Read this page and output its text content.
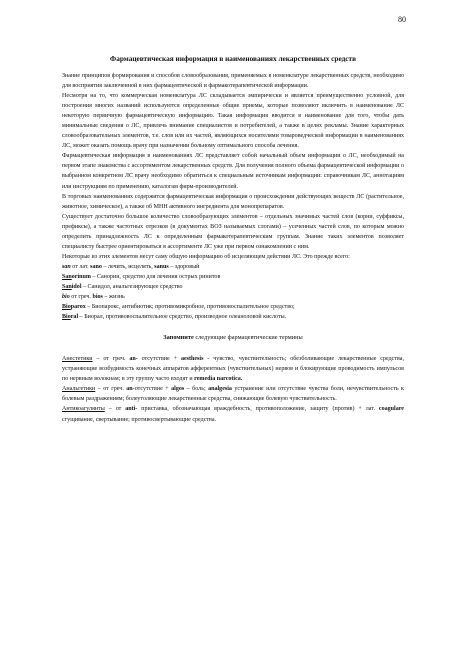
80
Фармацевтическая информация в наименованиях лекарственных средств

Знание принципов формирования и способов словообразования, применяемых в номенклатуре лекарственных средств, необходимо для восприятия заключенной в них фармацевтической и фармакотерапевтической информации.

Несмотря на то, что коммерческая номенклатура ЛС складывается эмпирически и является преимущественно условной, для построения многих названий используются определенные общие приемы, которые позволяют включить в наименование ЛС некоторую первичную фармацевтическую информацию. Такая информация вводится в наименование для того, чтобы дать минимальные сведения о ЛС, привлечь внимание специалистов и потребителей, а также в целях рекламы. Знание характерных словообразовательных элементов, т.е. слов или их частей, являющихся носителями товароведческой информации в наименованиях ЛС, может оказать помощь врачу при назначении больному оптимального способа лечения.

Фармацевтическая информация в наименованиях ЛС представляет собой начальный объем информации о ЛС, необходимый на первом этапе знакомства с ассортиментом лекарственных средств. Для получения полного объема фармацевтической информации о выбранном конкретном ЛС врачу необходимо обратиться к специальным источникам информации: справочникам ЛС, аннотациям или инструкциям по применению, каталогам фирм-производителей.

В торговых наименованиях содержится фармацевтическая информация о происхождении действующих веществ ЛС (растительное, животное, химическое), а также об МНН активного ингредиента для монопрепаратов.

Существует достаточно большое количество словообразующих элементов – отдельных значимых частей слов (корни, суффиксы, префиксы), а также частотных отрезков (в документах ВОЗ называемых слогами) – усеченных частей слов, по которым можно определить принадлежность ЛС к определенным фармакотерапевтическим группам. Знание таких элементов позволяет специалисту быстрее ориентироваться в ассортименте ЛС уже при первом ознакомлении с ним.

Некоторые из этих элементов несут саму общую информацию об исцеляющем действии ЛС. Это прежде всего:

san от лат. sano – лечить, исцелять, sanus – здоровый

Sanorinum – Санорин, средство для лечения острых ринитов

Sanidol – Санидол, анальгезирующее средство

bio от греч. bios – жизнь

Bioparox – Биопарокс, антибиотик; противомикробное, противовоспалительное средство;

Bioral – Биорал, противовоспалительное средство, производное олеаноловой кислоты.

Запомните следующие фармацевтические термины

Анестетики – от греч. an- отсутствие + aesthesis - чувство, чувствительность; обезболивающие лекарственные средства, устраняющие возбудимость конечных аппаратов афферентных (чувствительных) нервов и блокирующие проводимость импульсов по нервным волокнам; в эту группу часто входят и remedia narcotica.

Анальгетики – от греч. an-отсутствие + algos – боль; analgesia устранение или отсутствие чувства боли, нечувствительность к болевым раздражениям; болеутоляющие лекарственные средства, снижающие болевую чувствительность.

Антикоагулянты – от anti- приставка, обозначающая враждебность, противоположение, защиту (против) + лат. coagulare сгущивание, свертывание; противосвертывающие средства.
